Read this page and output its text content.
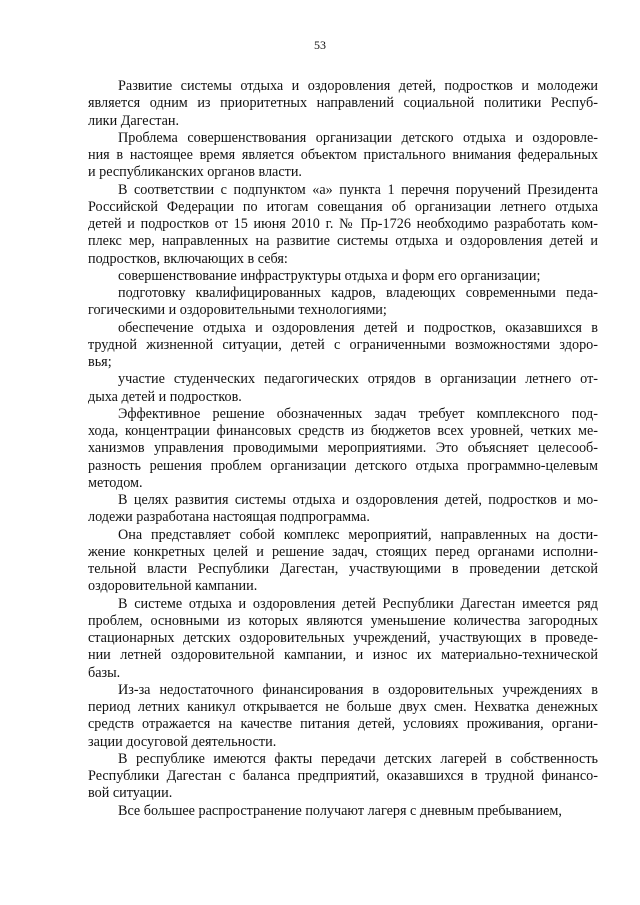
53
Развитие системы отдыха и оздоровления детей, подростков и молодежи
является одним из приоритетных направлений социальной политики Респуб-
лики Дагестан.
Проблема совершенствования организации детского отдыха и оздоровле-
ния в настоящее время является объектом пристального внимания федеральных
и республиканских органов власти.
В соответствии с подпунктом «а» пункта 1 перечня поручений Президента
Российской Федерации по итогам совещания об организации летнего отдыха
детей и подростков от 15 июня 2010 г. № Пр-1726 необходимо разработать ком-
плекс мер, направленных на развитие системы отдыха и оздоровления детей и
подростков, включающих в себя:
совершенствование инфраструктуры отдыха и форм его организации;
подготовку квалифицированных кадров, владеющих современными педа-
гогическими и оздоровительными технологиями;
обеспечение отдыха и оздоровления детей и подростков, оказавшихся в
трудной жизненной ситуации, детей с ограниченными возможностями здоро-
вья;
участие студенческих педагогических отрядов в организации летнего от-
дыха детей и подростков.
Эффективное решение обозначенных задач требует комплексного под-
хода, концентрации финансовых средств из бюджетов всех уровней, четких ме-
ханизмов управления проводимыми мероприятиями. Это объясняет целесооб-
разность решения проблем организации детского отдыха программно-целевым
методом.
В целях развития системы отдыха и оздоровления детей, подростков и мо-
лодежи разработана настоящая подпрограмма.
Она представляет собой комплекс мероприятий, направленных на дости-
жение конкретных целей и решение задач, стоящих перед органами исполни-
тельной власти Республики Дагестан, участвующими в проведении детской
оздоровительной кампании.
В системе отдыха и оздоровления детей Республики Дагестан имеется ряд
проблем, основными из которых являются уменьшение количества загородных
стационарных детских оздоровительных учреждений, участвующих в проведе-
нии летней оздоровительной кампании, и износ их материально-технической
базы.
Из-за недостаточного финансирования в оздоровительных учреждениях в
период летних каникул открывается не больше двух смен. Нехватка денежных
средств отражается на качестве питания детей, условиях проживания, органи-
зации досуговой деятельности.
В республике имеются факты передачи детских лагерей в собственность
Республики Дагестан с баланса предприятий, оказавшихся в трудной финансо-
вой ситуации.
Все большее распространение получают лагеря с дневным пребыванием,
